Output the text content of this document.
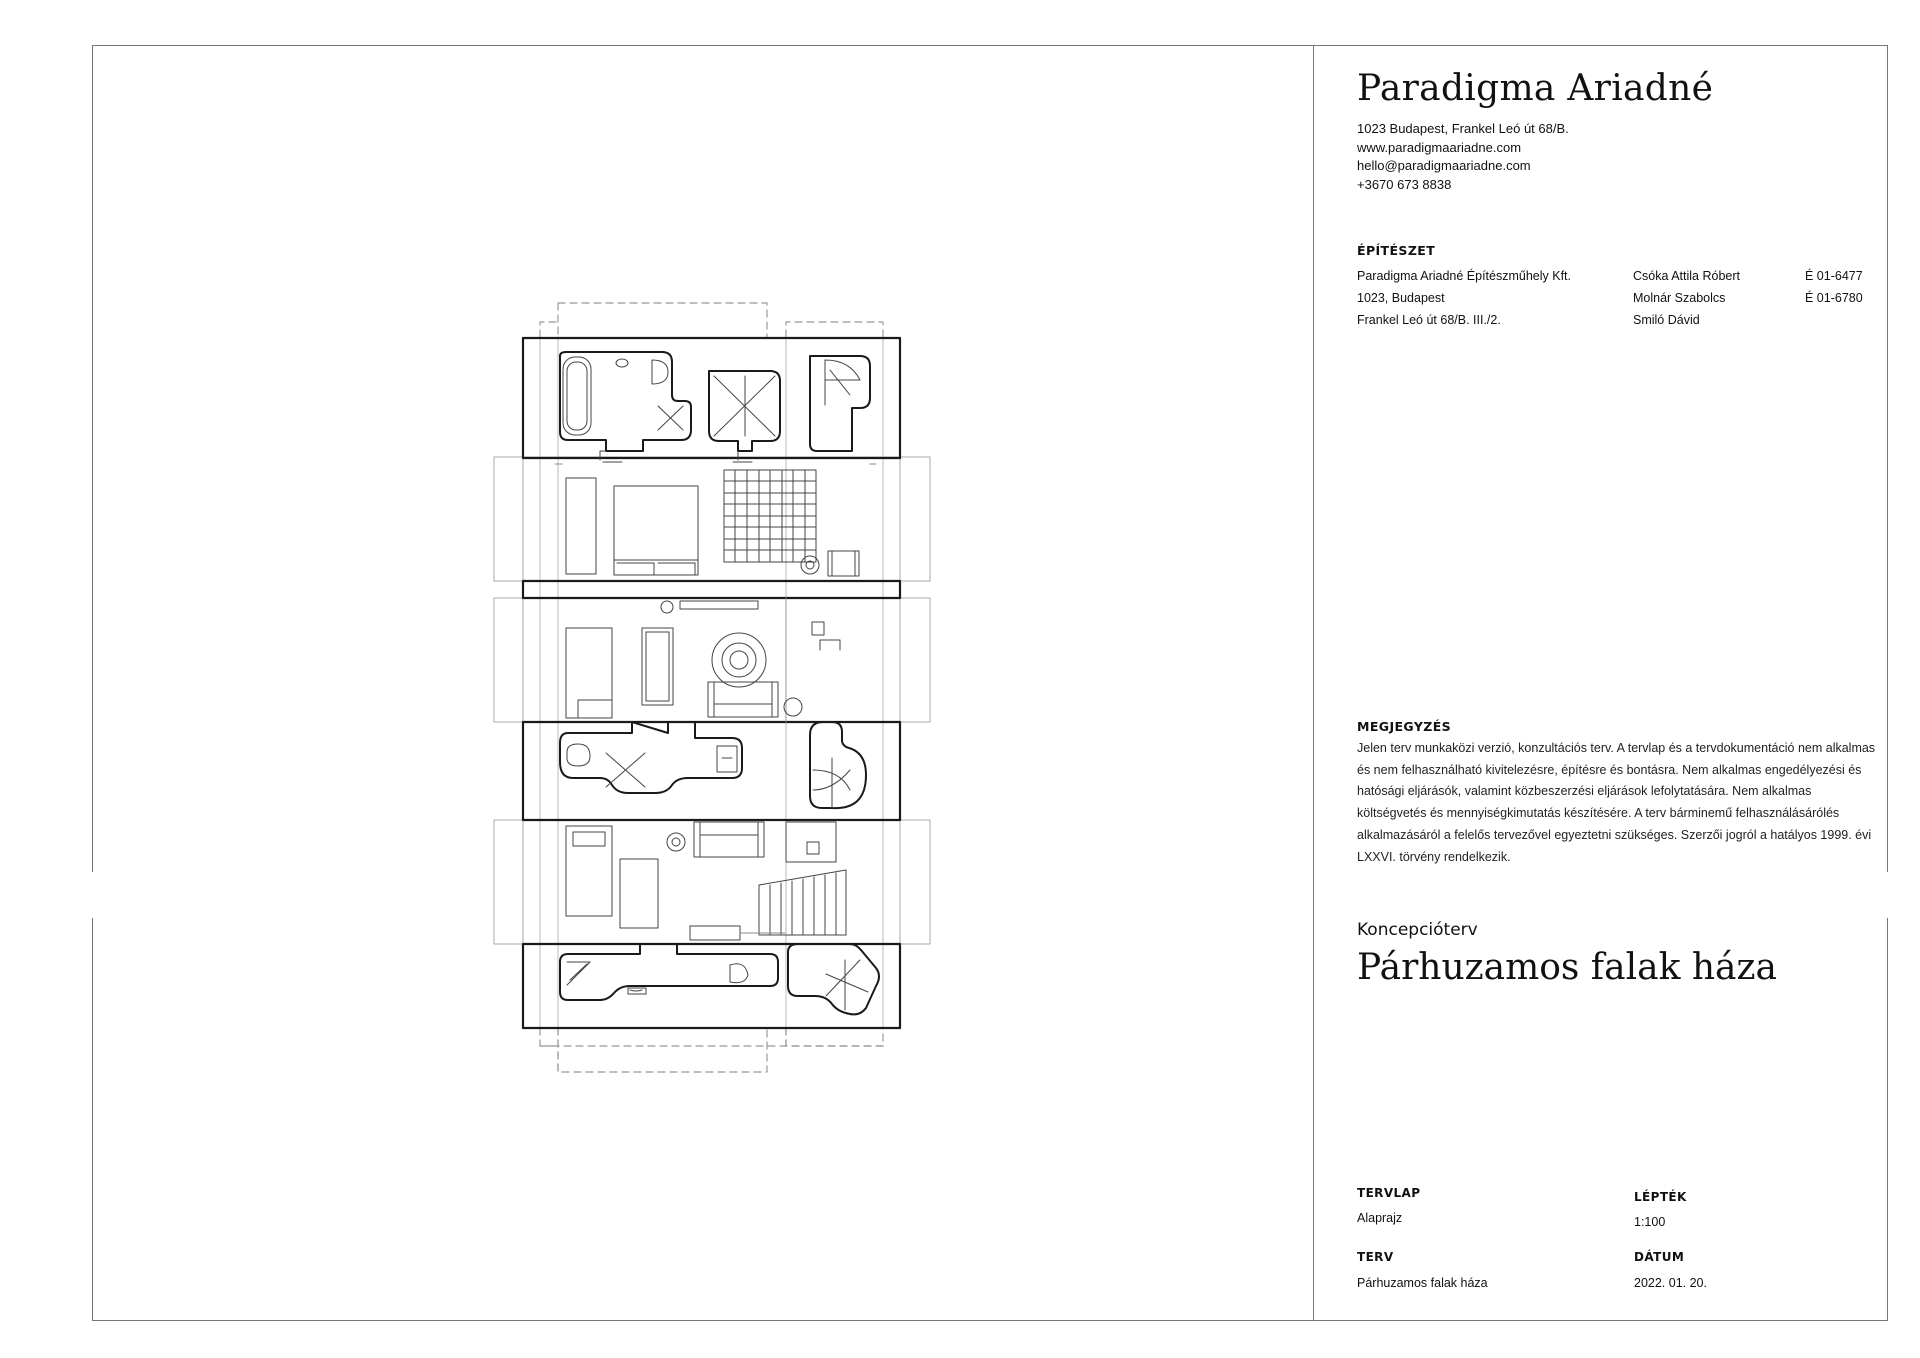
Paradigma Ariadné
1023 Budapest, Frankel Leó út 68/B.
www.paradigmaariadne.com
hello@paradigmaariadne.com
+3670 673 8838
ÉPÍTÉSZET
Paradigma Ariadné Építészműhely Kft.
1023, Budapest
Frankel Leó út 68/B. III./2.
Csóka Attila Róbert
Molnár Szabolcs
Smiló Dávid
É 01-6477
É 01-6780
MEGJEGYZÉS
Jelen terv munkaközi verzió, konzultációs terv. A tervlap és a tervdokumentáció nem alkalmas és nem felhasználható kivitelezésre, építésre és bontásra. Nem alkalmas engedélyezési és hatósági eljárásók, valamint közbeszerzési eljárások lefolytatására. Nem alkalmas költségvetés és mennyiségkimutatás készítésére. A terv bárminemű felhasználásárólés alkalmazásáról a felelős tervezővel egyeztetni szükséges. Szerzői jogról a hatályos 1999. évi LXXVI. törvény rendelkezik.
Koncepcióterv
Párhuzamos falak háza
TERVLAP
Alaprajz
LÉPTÉK
1:100
TERV
Párhuzamos falak háza
DÁTUM
2022. 01. 20.
